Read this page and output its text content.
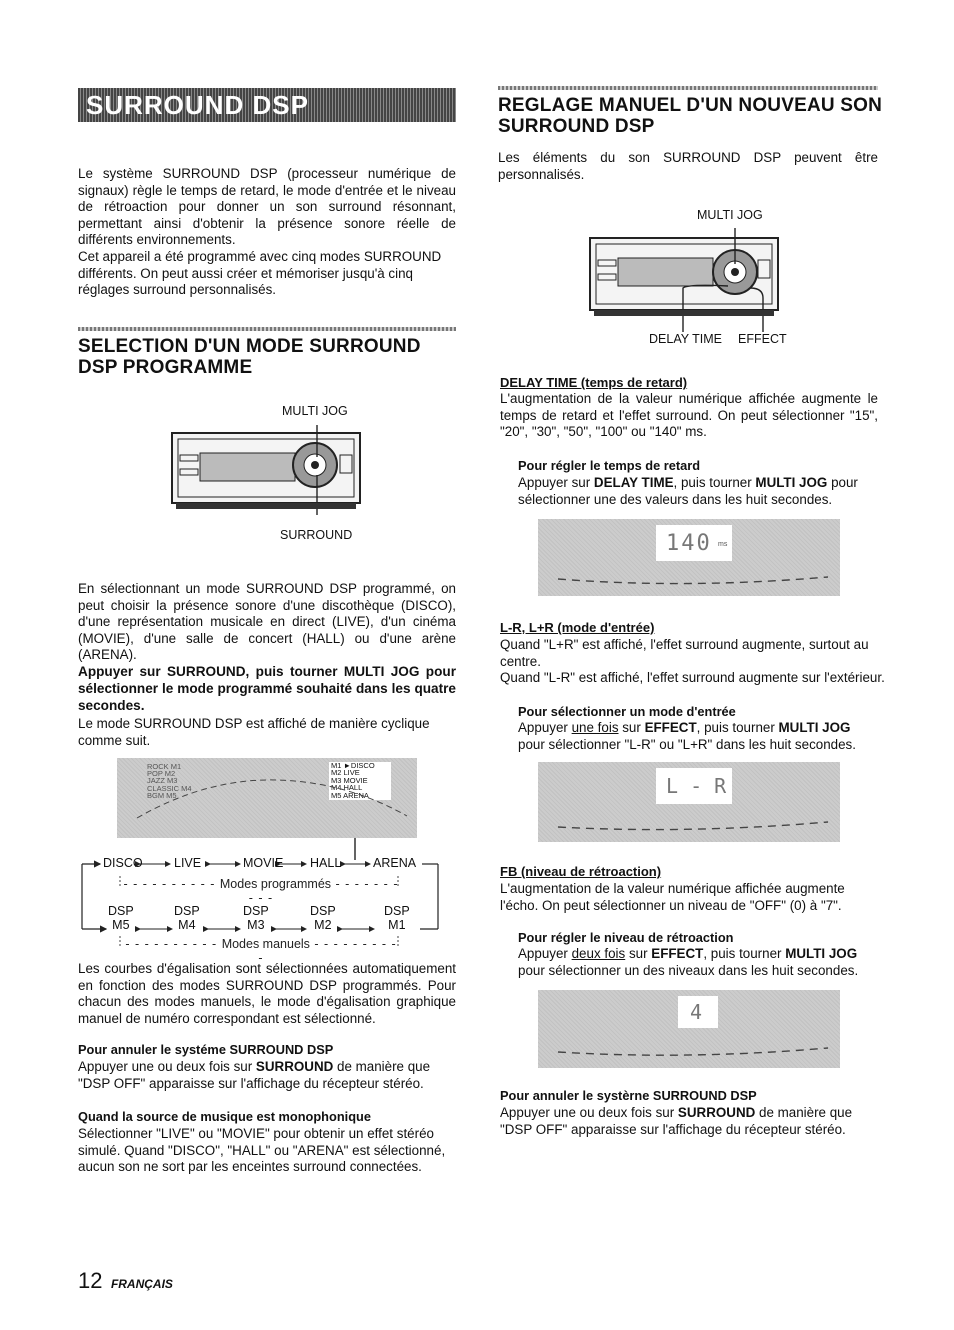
SURROUND DSP

Le système SURROUND DSP (processeur numérique de signaux) règle le temps de retard, le mode d'entrée et le niveau de rétroaction pour donner un son surround résonnant, permettant ainsi d'obtenir la présence sonore réelle de différents environnements.

Cet appareil a été programmé avec cinq modes SURROUND différents. On peut aussi créer et mémoriser jusqu'à cinq réglages surround personnalisés.

SELECTION D'UN MODE SURROUND DSP PROGRAMME
MULTI JOG
SURROUND

En sélectionnant un mode SURROUND DSP programmé, on peut choisir la présence sonore d'une discothèque (DISCO), d'une représentation musicale en direct (LIVE), d'un cinéma (MOVIE), d'une salle de concert (HALL) ou d'une arène (ARENA).

Appuyer sur SURROUND, puis tourner MULTI JOG pour sélectionner le mode programmé souhaité dans les quatre secondes.

Le mode SURROUND DSP est affiché de manière cyclique comme suit.

ROCK M1
POP M2
JAZZ M3
CLASSIC M4
BGM M5
M1 ►DISCO
M2 LIVE
M3 MOVIE
M4 HALL
M5 ARENA
DISCO	LIVE	MOVIE HALL	ARENA
- - - - - - - - - - Modes programmés - - - - - - - - - -
DSP
M5
DSP
M4
DSP
M3
DSP
M2
DSP
M1
- - - - - - - - - - Modes manuels - - - - - - - - - -

Les courbes d'égalisation sont sélectionnées automatiquement en fonction des modes SURROUND DSP programmés. Pour chacun des modes manuels, le mode d'égalisation graphique manuel de numéro correspondant est sélectionné.

Pour annuler le systéme SURROUND DSP

Appuyer une ou deux fois sur SURROUND de manière que "DSP OFF" apparaisse sur l'affichage du récepteur stéréo.

Quand la source de musique est monophonique

Sélectionner "LIVE" ou "MOVIE" pour obtenir un effet stéréo simulé. Quand "DISCO", "HALL" ou "ARENA" est sélectionné, aucun son ne sort par les enceintes surround connectées.

REGLAGE MANUEL D'UN NOUVEAU SON SURROUND DSP

Les éléments du son SURROUND DSP peuvent être personnalisés.

MULTI JOG
DELAY TIME EFFECT

DELAY TIME (temps de retard)

L'augmentation de la valeur numérique affichée augmente le temps de retard et l'effet surround. On peut sélectionner "15", "20", "30", "50", "100" ou "140" ms.

Pour régler le temps de retard

Appuyer sur DELAY TIME, puis tourner MULTI JOG pour sélectionner une des valeurs dans les huit secondes.

140 ms

L-R, L+R (mode d'entrée)

Quand "L+R" est affiché, l'effet surround augmente, surtout au centre.

Quand "L-R" est affiché, l'effet surround augmente sur l'extérieur.

Pour sélectionner un mode d'entrée

Appuyer une fois sur EFFECT, puis tourner MULTI JOG pour sélectionner "L-R" ou "L+R" dans les huit secondes.

L - R

FB (niveau de rétroaction)

L'augmentation de la valeur numérique affichée augmente l'écho. On peut sélectionner un niveau de "OFF" (0) à "7".

Pour régler le niveau de rétroaction

Appuyer deux fois sur EFFECT, puis tourner MULTI JOG pour sélectionner un des niveaux dans les huit secondes.

4

Pour annuler le systèrne SURROUND DSP

Appuyer une ou deux fois sur SURROUND de manière que "DSP OFF" apparaisse sur l'affichage du récepteur stéréo.

12 FRANÇAIS
